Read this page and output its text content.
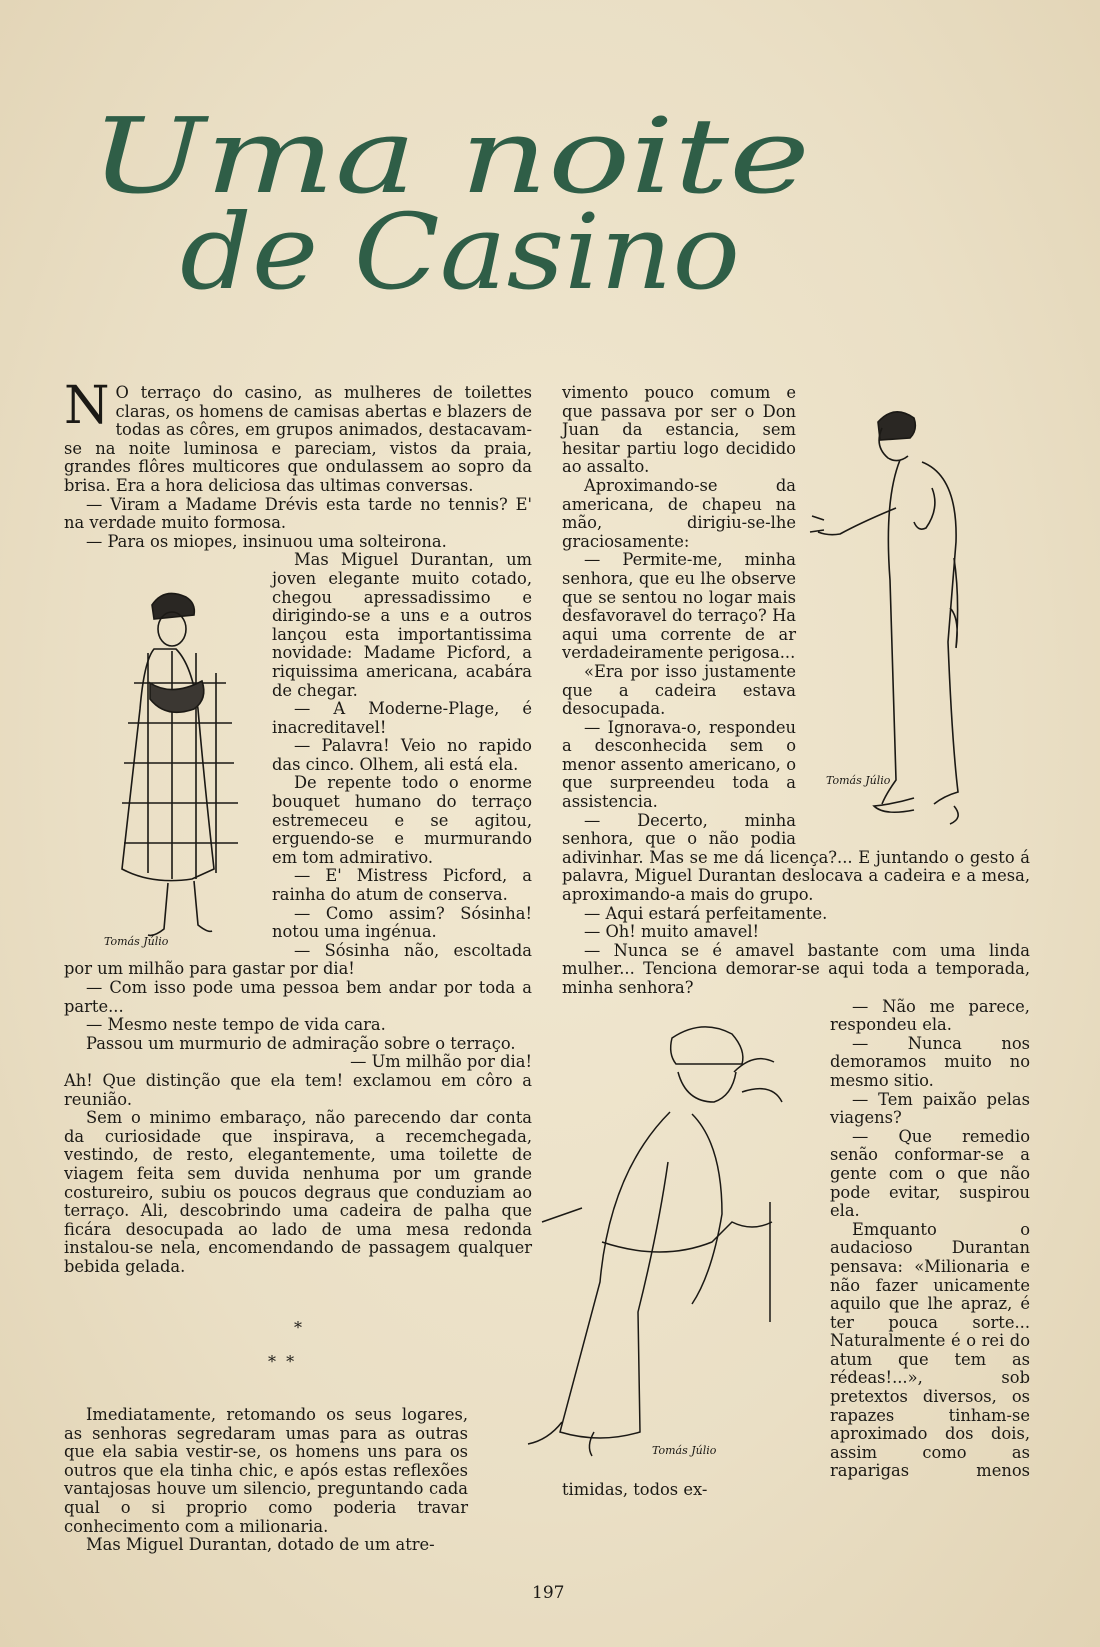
Uma noite
de Casino

N O terraço do casino, as mulheres de toilettes claras, os homens de camisas abertas e blazers de todas as côres, em grupos animados, destacavam-se na noite luminosa e pareciam, vistos da praia, grandes flôres multicores que ondulassem ao sopro da brisa. Era a hora deliciosa das ultimas conversas.

— Viram a Madame Drévis esta tarde no tennis? E' na verdade muito formosa.

— Para os miopes, insinuou uma solteirona.

Tomás Júlio

Mas Miguel Durantan, um joven elegante muito cotado, chegou apressadissimo e dirigindo-se a uns e a outros lançou esta importantissima novidade: Madame Picford, a riquissima americana, acabára de chegar.

— A Moderne-Plage, é inacreditavel!

— Palavra! Veio no rapido das cinco. Olhem, ali está ela.

De repente todo o enorme bouquet humano do terraço estremeceu e se agitou, erguendo-se e murmurando em tom admirativo.

— E' Mistress Picford, a rainha do atum de conserva.

— Como assim? Sósinha! notou uma ingénua.

— Sósinha não, escoltada por um milhão para gastar por dia!

— Com isso pode uma pessoa bem andar por toda a parte...

— Mesmo neste tempo de vida cara.

Passou um murmurio de admiração sobre o terraço.

— Um milhão por dia!

Ah! Que distinção que ela tem! exclamou em côro a reunião.

Sem o minimo embaraço, não parecendo dar conta da curiosidade que inspirava, a recemchegada, vestindo, de resto, elegantemente, uma toilette de viagem feita sem duvida nenhuma por um grande costureiro, subiu os poucos degraus que conduziam ao terraço. Ali, descobrindo uma cadeira de palha que ficára desocupada ao lado de uma mesa redonda instalou-se nela, encomendando de passagem qualquer bebida gelada.

*
*  *

Imediatamente, retomando os seus logares, as senhoras segredaram umas para as outras que ela sabia vestir-se, os homens uns para os outros que ela tinha chic, e após estas reflexões vantajosas houve um silencio, preguntando cada qual o si proprio como poderia travar conhecimento com a milionaria.

Mas Miguel Durantan, dotado de um atre-

Tomás Júlio

vimento pouco comum e que passava por ser o Don Juan da estancia, sem hesitar partiu logo decidido ao assalto.

Aproximando-se da americana, de chapeu na mão, dirigiu-se-lhe graciosamente:

— Permite-me, minha senhora, que eu lhe observe que se sentou no logar mais desfavoravel do terraço? Ha aqui uma corrente de ar verdadeiramente perigosa...

«Era por isso justamente que a cadeira estava desocupada.

— Ignorava-o, respondeu a desconhecida sem o menor assento americano, o que surpreendeu toda a assistencia.

— Decerto, minha senhora, que o não podia adivinhar. Mas se me dá licença?... E juntando o gesto á palavra, Miguel Durantan deslocava a cadeira e a mesa, aproximando-a mais do grupo.

— Aqui estará perfeitamente.

— Oh! muito amavel!

— Nunca se é amavel bastante com uma linda mulher... Tenciona demorar-se aqui toda a temporada, minha senhora?

Tomás Júlio

— Não me parece, respondeu ela.

— Nunca nos demoramos muito no mesmo sitio.

— Tem paixão pelas viagens?

— Que remedio senão conformar-se a gente com o que não pode evitar, suspirou ela.

Emquanto o audacioso Durantan pensava: «Milionaria e não fazer unicamente aquilo que lhe apraz, é ter pouca sorte... Naturalmente é o rei do atum que tem as rédeas!...», sob pretextos diversos, os rapazes tinham-se aproximado dos dois, assim como as raparigas menos timidas, todos ex-

197
